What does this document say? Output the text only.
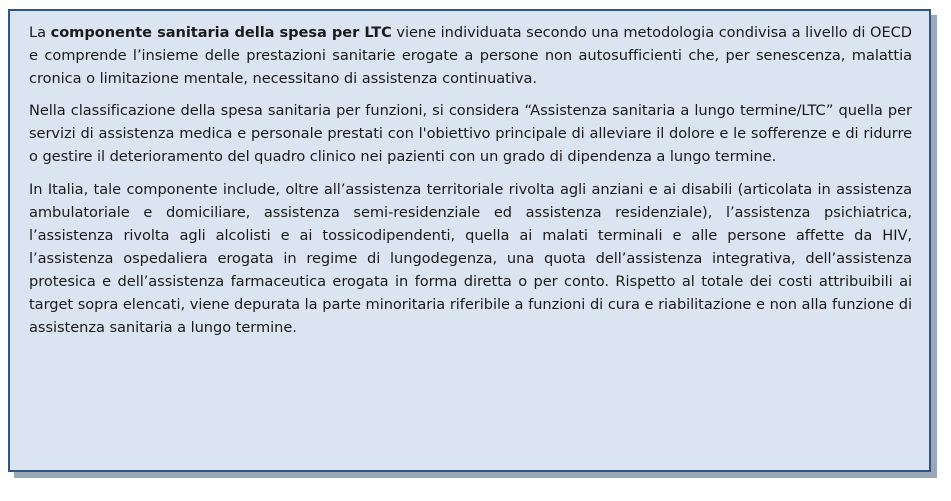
La componente sanitaria della spesa per LTC viene individuata secondo una metodologia condivisa a livello di OECD e comprende l’insieme delle prestazioni sanitarie erogate a persone non autosufficienti che, per senescenza, malattia cronica o limitazione mentale, necessitano di assistenza continuativa.

Nella classificazione della spesa sanitaria per funzioni, si considera “Assistenza sanitaria a lungo termine/LTC” quella per servizi di assistenza medica e personale prestati con l'obiettivo principale di alleviare il dolore e le sofferenze e di ridurre o gestire il deterioramento del quadro clinico nei pazienti con un grado di dipendenza a lungo termine.

In Italia, tale componente include, oltre all’assistenza territoriale rivolta agli anziani e ai disabili (articolata in assistenza ambulatoriale e domiciliare, assistenza semi-residenziale ed assistenza residenziale), l’assistenza psichiatrica, l’assistenza rivolta agli alcolisti e ai tossicodipendenti, quella ai malati terminali e alle persone affette da HIV, l’assistenza ospedaliera erogata in regime di lungodegenza, una quota dell’assistenza integrativa, dell’assistenza protesica e dell’assistenza farmaceutica erogata in forma diretta o per conto. Rispetto al totale dei costi attribuibili ai target sopra elencati, viene depurata la parte minoritaria riferibile a funzioni di cura e riabilitazione e non alla funzione di assistenza sanitaria a lungo termine.
